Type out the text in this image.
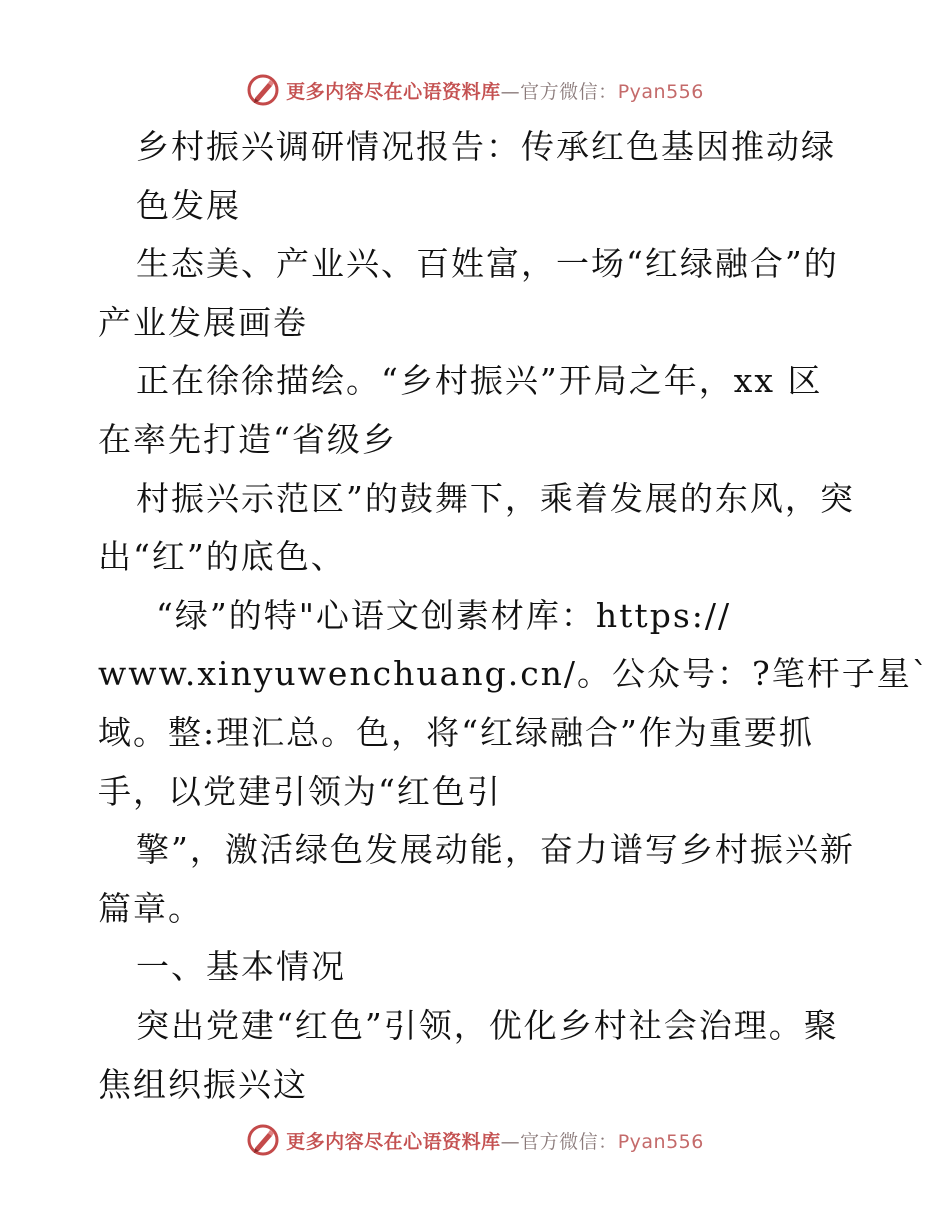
更多内容尽在心语资料库—官方微信：Pyan556
乡村振兴调研情况报告：传承红色基因推动绿
色发展
生态美、产业兴、百姓富，一场“红绿融合”的
产业发展画卷
正在徐徐描绘。“乡村振兴”开局之年，xx 区
在率先打造“省级乡
村振兴示范区”的鼓舞下，乘着发展的东风，突
出“红”的底色、
“绿”的特"心语文创素材库：https://
www.xinyuwenchuang.cn/。公众号：?笔杆子星`
域。整:理汇总。色，将“红绿融合”作为重要抓
手，以党建引领为“红色引
擎”，激活绿色发展动能，奋力谱写乡村振兴新
篇章。
一、基本情况
突出党建“红色”引领，优化乡村社会治理。聚
焦组织振兴这
更多内容尽在心语资料库—官方微信：Pyan556
